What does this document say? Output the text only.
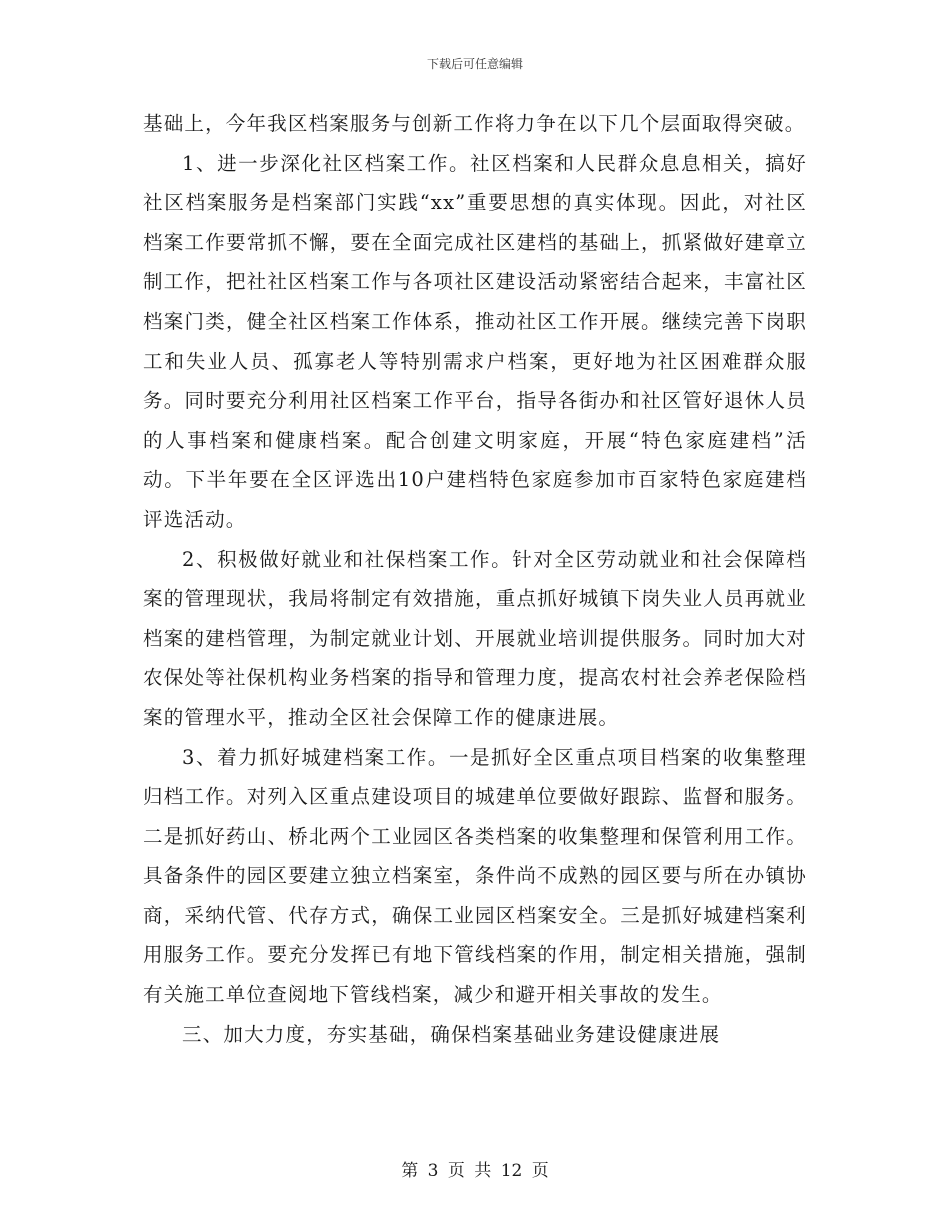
下载后可任意编辑

基础上，今年我区档案服务与创新工作将力争在以下几个层面取得突破。

1、进一步深化社区档案工作。社区档案和人民群众息息相关，搞好社区档案服务是档案部门实践“xx”重要思想的真实体现。因此，对社区档案工作要常抓不懈，要在全面完成社区建档的基础上，抓紧做好建章立制工作，把社社区档案工作与各项社区建设活动紧密结合起来，丰富社区档案门类，健全社区档案工作体系，推动社区工作开展。继续完善下岗职工和失业人员、孤寡老人等特别需求户档案，更好地为社区困难群众服务。同时要充分利用社区档案工作平台，指导各街办和社区管好退休人员的人事档案和健康档案。配合创建文明家庭，开展“特色家庭建档”活动。下半年要在全区评选出10户建档特色家庭参加市百家特色家庭建档评选活动。

2、积极做好就业和社保档案工作。针对全区劳动就业和社会保障档案的管理现状，我局将制定有效措施，重点抓好城镇下岗失业人员再就业档案的建档管理，为制定就业计划、开展就业培训提供服务。同时加大对农保处等社保机构业务档案的指导和管理力度，提高农村社会养老保险档案的管理水平，推动全区社会保障工作的健康进展。

3、着力抓好城建档案工作。一是抓好全区重点项目档案的收集整理归档工作。对列入区重点建设项目的城建单位要做好跟踪、监督和服务。二是抓好药山、桥北两个工业园区各类档案的收集整理和保管利用工作。具备条件的园区要建立独立档案室，条件尚不成熟的园区要与所在办镇协商，采纳代管、代存方式，确保工业园区档案安全。三是抓好城建档案利用服务工作。要充分发挥已有地下管线档案的作用，制定相关措施，强制有关施工单位查阅地下管线档案，减少和避开相关事故的发生。

三、加大力度，夯实基础，确保档案基础业务建设健康进展

第 3 页 共 12 页
